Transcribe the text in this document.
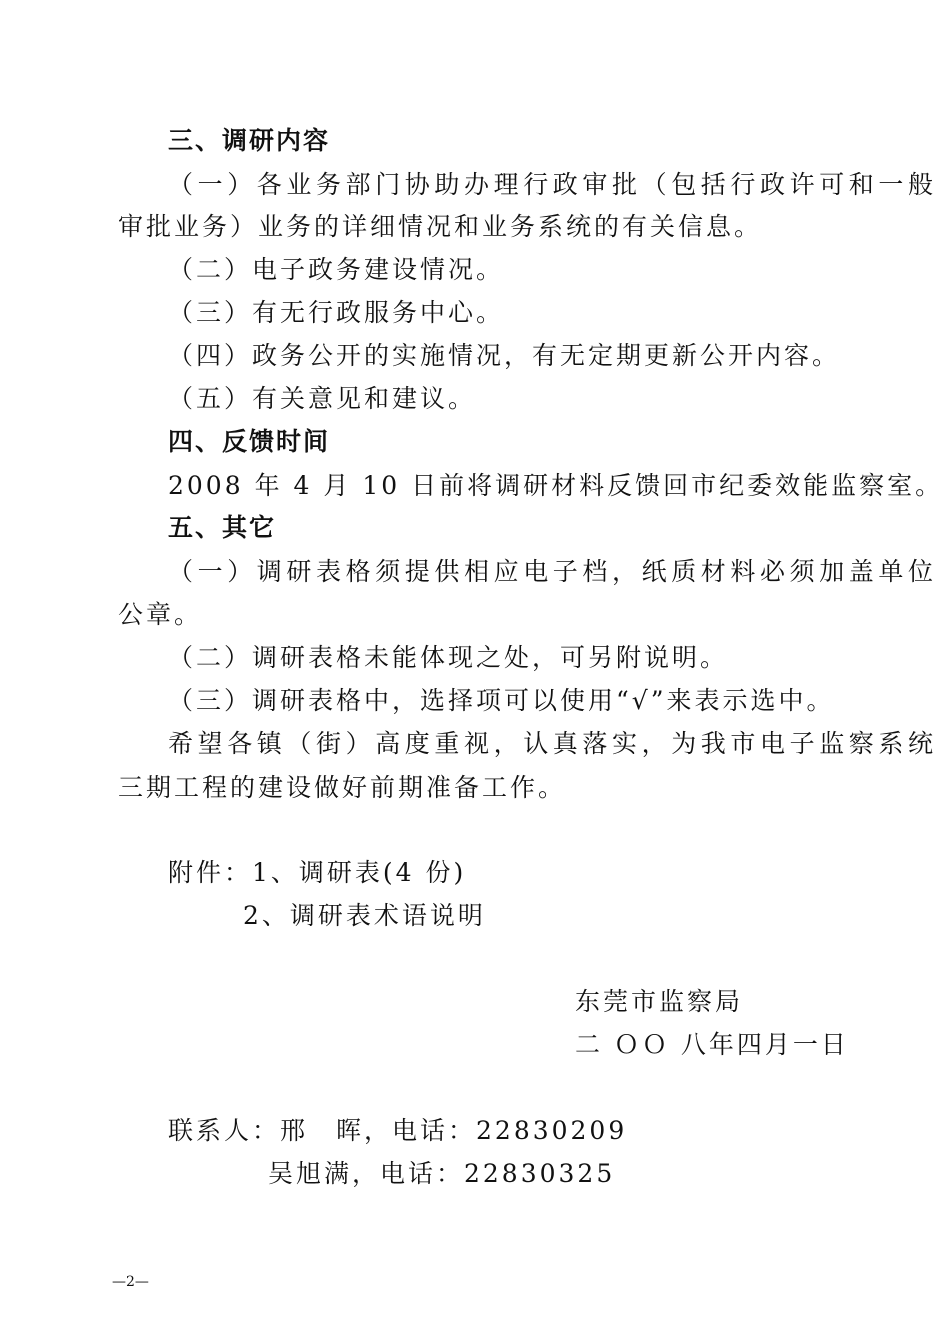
三、调研内容
（一）各业务部门协助办理行政审批（包括行政许可和一般
审批业务）业务的详细情况和业务系统的有关信息。
（二）电子政务建设情况。
（三）有无行政服务中心。
（四）政务公开的实施情况，有无定期更新公开内容。
（五）有关意见和建议。
四、反馈时间
2008 年 4 月 10 日前将调研材料反馈回市纪委效能监察室。
五、其它
（一）调研表格须提供相应电子档，纸质材料必须加盖单位
公章。
（二）调研表格未能体现之处，可另附说明。
（三）调研表格中，选择项可以使用“√”来表示选中。
希望各镇（街）高度重视，认真落实，为我市电子监察系统
三期工程的建设做好前期准备工作。
附件：1、调研表(4 份)
2、调研表术语说明
东莞市监察局
二 ＯＯ 八年四月一日
联系人：邢　晖，电话：22830209
吴旭满，电话：22830325
—2—
